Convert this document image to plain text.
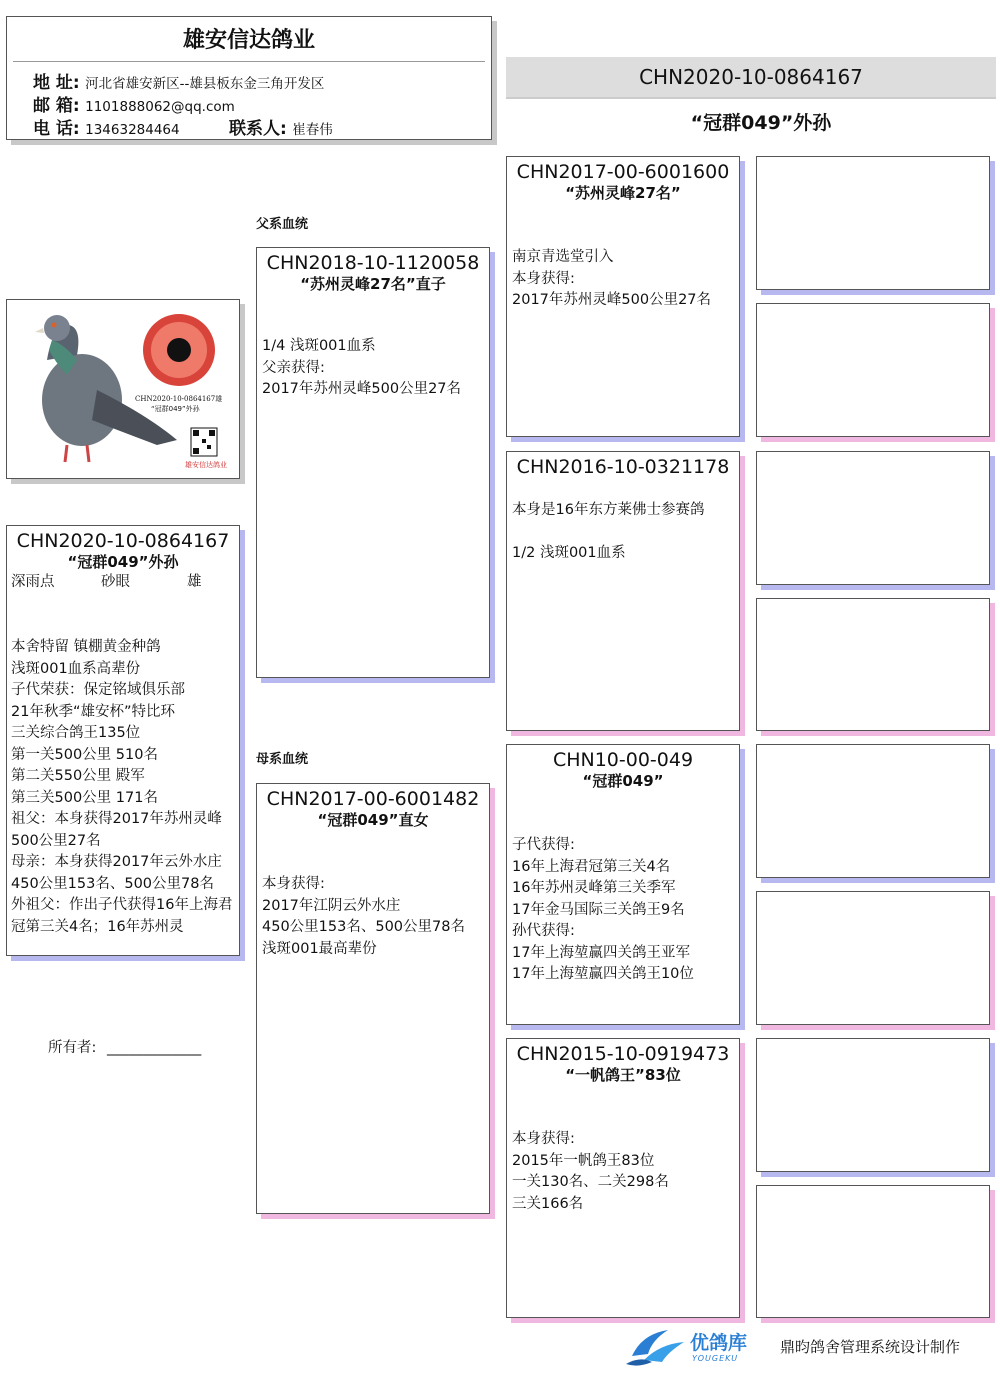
雄安信达鸽业
地 址: 河北省雄安新区--雄县板东金三角开发区
邮 箱: 1101888062@qq.com
电 话: 13463284464	联系人: 崔春伟
CHN2020-10-0864167
“冠群049”外孙
CHN2020-10-0864167雄
“冠群049”外孙
雄安信达鸽业
CHN2020-10-0864167
“冠群049”外孙
深雨点	砂眼	雄
本舍特留 镇棚黄金种鸽
浅斑001血系高辈份
子代荣获：保定铭域俱乐部
21年秋季“雄安杯”特比环
三关综合鸽王135位
第一关500公里 510名
第二关550公里 殿军
第三关500公里 171名
祖父：本身获得2017年苏州灵峰500公里27名
母亲：本身获得2017年云外水庄450公里153名、500公里78名
外祖父：作出子代获得16年上海君冠第三关4名；16年苏州灵
所有者: _____________
父系血统
母系血统
CHN2018-10-1120058
“苏州灵峰27名”直子
1/4 浅斑001血系
父亲获得:
2017年苏州灵峰500公里27名
CHN2017-00-6001482
“冠群049”直女
本身获得:
2017年江阴云外水庄
450公里153名、500公里78名
浅斑001最高辈份
CHN2017-00-6001600
“苏州灵峰27名”
南京青选堂引入
本身获得:
2017年苏州灵峰500公里27名
CHN2016-10-0321178
本身是16年东方莱佛士参赛鸽

1/2 浅斑001血系
CHN10-00-049
“冠群049”
子代获得:
16年上海君冠第三关4名
16年苏州灵峰第三关季军
17年金马国际三关鸽王9名
孙代获得:
17年上海堃赢四关鸽王亚军
17年上海堃赢四关鸽王10位
CHN2015-10-0919473
“一帆鸽王”83位
本身获得:
2015年一帆鸽王83位
一关130名、二关298名
三关166名
优鸽库
YOUGEKU
鼎昀鸽舍管理系统设计制作
